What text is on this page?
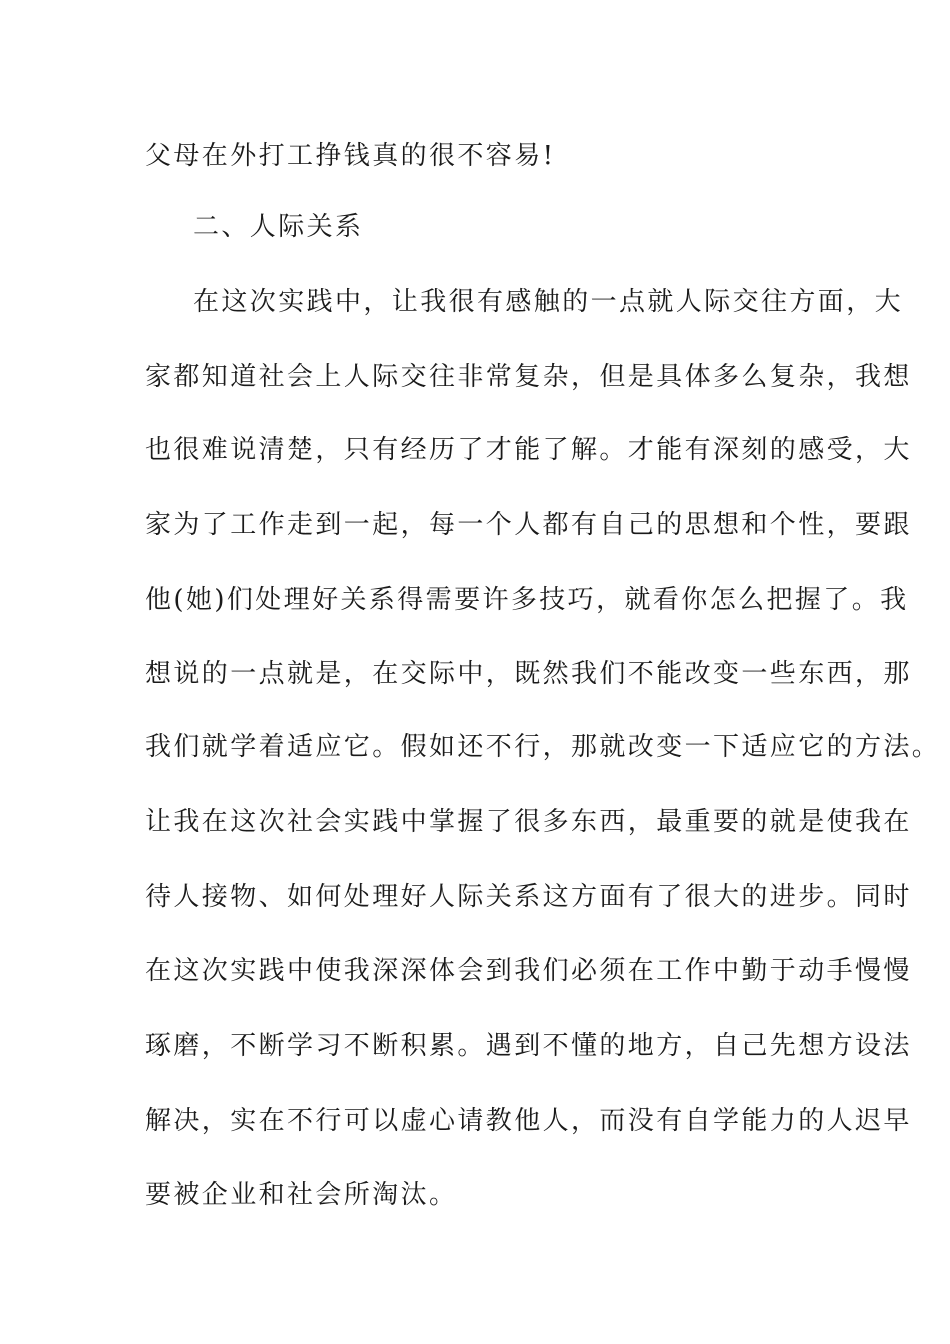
父母在外打工挣钱真的很不容易!

二、人际关系

在这次实践中，让我很有感触的一点就人际交往方面，大

家都知道社会上人际交往非常复杂，但是具体多么复杂，我想

也很难说清楚，只有经历了才能了解。才能有深刻的感受，大

家为了工作走到一起，每一个人都有自己的思想和个性，要跟

他(她)们处理好关系得需要许多技巧，就看你怎么把握了。我

想说的一点就是，在交际中，既然我们不能改变一些东西，那

我们就学着适应它。假如还不行，那就改变一下适应它的方法。

让我在这次社会实践中掌握了很多东西，最重要的就是使我在

待人接物、如何处理好人际关系这方面有了很大的进步。同时

在这次实践中使我深深体会到我们必须在工作中勤于动手慢慢

琢磨，不断学习不断积累。遇到不懂的地方，自己先想方设法

解决，实在不行可以虚心请教他人，而没有自学能力的人迟早

要被企业和社会所淘汰。
